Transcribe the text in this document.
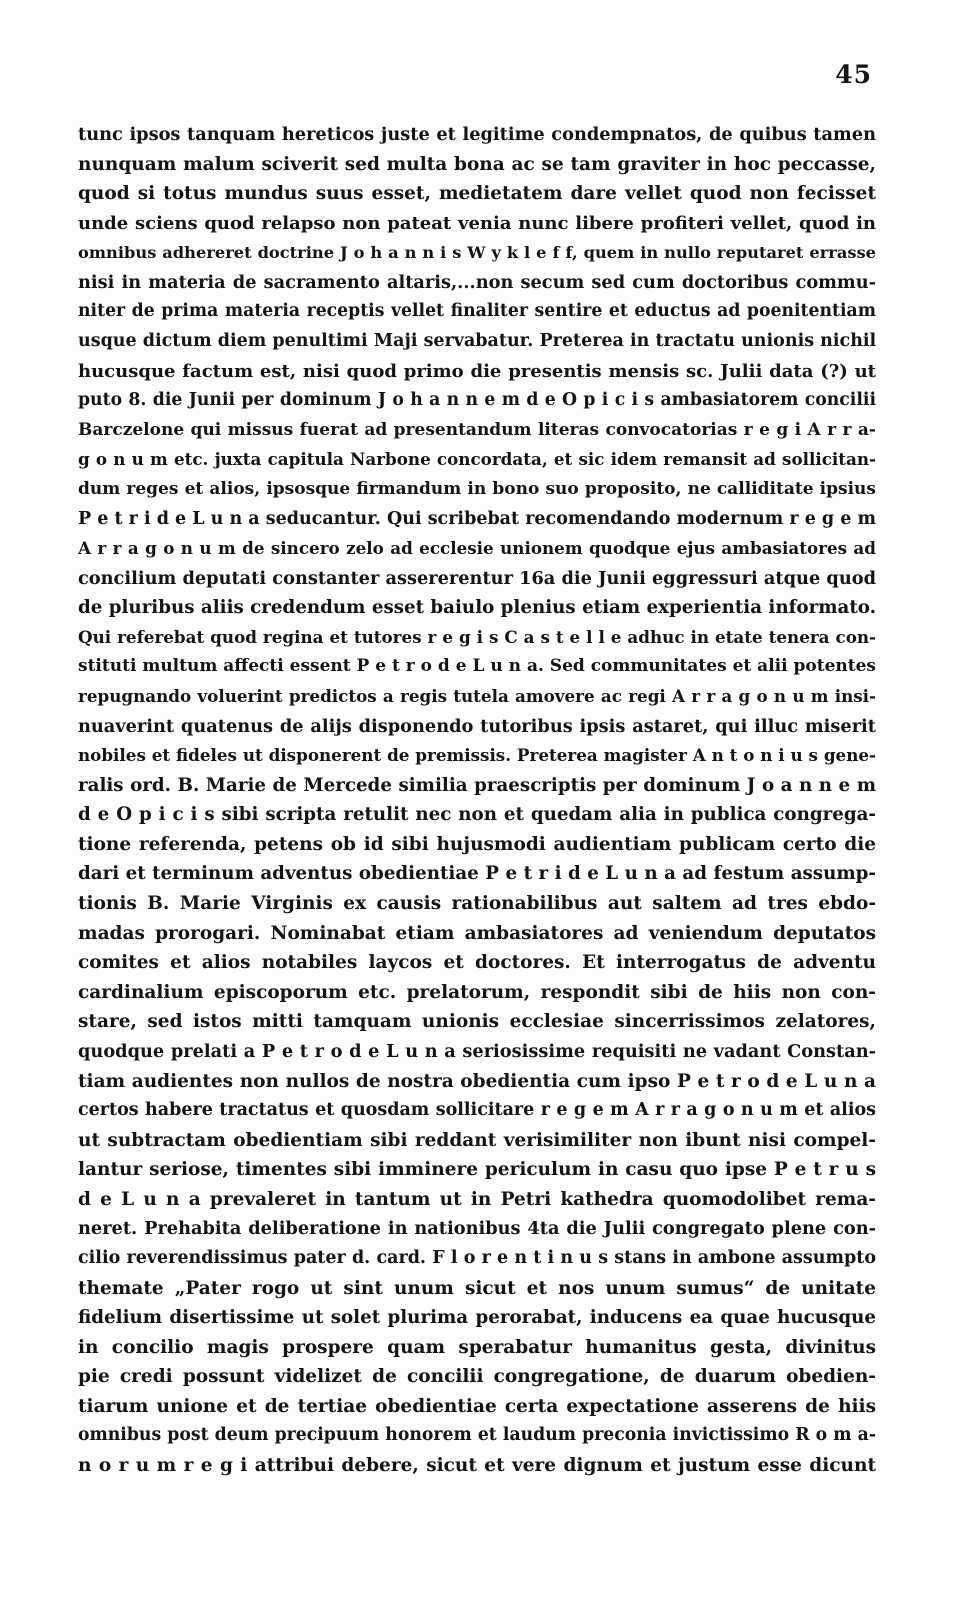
45
tunc ipsos tanquam hereticos juste et legitime condempnatos, de quibus tamen
nunquam malum sciverit sed multa bona ac se tam graviter in hoc peccasse,
quod si totus mundus suus esset, medietatem dare vellet quod non fecisset
unde sciens quod relapso non pateat venia nunc libere profiteri vellet, quod in
omnibus adhereret doctrine J o h a n n i s W y k l e f f, quem in nullo reputaret errasse
nisi in materia de sacramento altaris,...non secum sed cum doctoribus commu-
niter de prima materia receptis vellet finaliter sentire et eductus ad poenitentiam
usque dictum diem penultimi Maji servabatur. Preterea in tractatu unionis nichil
hucusque factum est, nisi quod primo die presentis mensis sc. Julii data (?) ut
puto 8. die Junii per dominum J o h a n n e m d e O p i c i s ambasiatorem concilii
Barczelone qui missus fuerat ad presentandum literas convocatorias r e g i A r r a-
g o n u m etc. juxta capitula Narbone concordata, et sic idem remansit ad sollicitan-
dum reges et alios, ipsosque firmandum in bono suo proposito, ne calliditate ipsius
P e t r i d e L u n a seducantur. Qui scribebat recomendando modernum r e g e m
A r r a g o n u m de sincero zelo ad ecclesie unionem quodque ejus ambasiatores ad
concilium deputati constanter assererentur 16a die Junii eggressuri atque quod
de pluribus aliis credendum esset baiulo plenius etiam experientia informato.
Qui referebat quod regina et tutores r e g i s C a s t e l l e adhuc in etate tenera con-
stituti multum affecti essent P e t r o d e L u n a. Sed communitates et alii potentes
repugnando voluerint predictos a regis tutela amovere ac regi A r r a g o n u m insi-
nuaverint quatenus de alijs disponendo tutoribus ipsis astaret, qui illuc miserit
nobiles et fideles ut disponerent de premissis. Preterea magister A n t o n i u s gene-
ralis ord. B. Marie de Mercede similia praescriptis per dominum J o a n n e m
d e O p i c i s sibi scripta retulit nec non et quedam alia in publica congrega-
tione referenda, petens ob id sibi hujusmodi audientiam publicam certo die
dari et terminum adventus obedientiae P e t r i d e L u n a ad festum assump-
tionis B. Marie Virginis ex causis rationabilibus aut saltem ad tres ebdo-
madas prorogari. Nominabat etiam ambasiatores ad veniendum deputatos
comites et alios notabiles laycos et doctores. Et interrogatus de adventu
cardinalium episcoporum etc. prelatorum, respondit sibi de hiis non con-
stare, sed istos mitti tamquam unionis ecclesiae sincerrissimos zelatores,
quodque prelati a P e t r o d e L u n a seriosissime requisiti ne vadant Constan-
tiam audientes non nullos de nostra obedientia cum ipso P e t r o d e L u n a
certos habere tractatus et quosdam sollicitare r e g e m A r r a g o n u m et alios
ut subtractam obedientiam sibi reddant verisimiliter non ibunt nisi compel-
lantur seriose, timentes sibi imminere periculum in casu quo ipse P e t r u s
d e L u n a prevaleret in tantum ut in Petri kathedra quomodolibet rema-
neret. Prehabita deliberatione in nationibus 4ta die Julii congregato plene con-
cilio reverendissimus pater d. card. F l o r e n t i n u s stans in ambone assumpto
themate „Pater rogo ut sint unum sicut et nos unum sumus“ de unitate
fidelium disertissime ut solet plurima perorabat, inducens ea quae hucusque
in concilio magis prospere quam sperabatur humanitus gesta, divinitus
pie credi possunt videlizet de concilii congregatione, de duarum obedien-
tiarum unione et de tertiae obedientiae certa expectatione asserens de hiis
omnibus post deum precipuum honorem et laudum preconia invictissimo R o m a-
n o r u m r e g i attribui debere, sicut et vere dignum et justum esse dicunt
